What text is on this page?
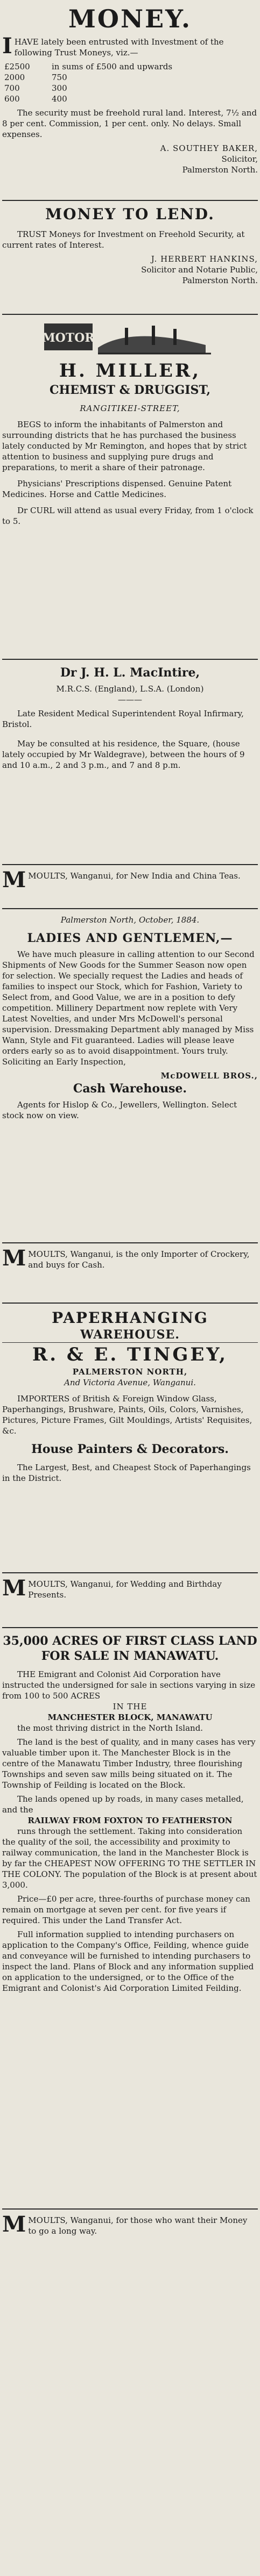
MONEY.

IHAVE lately been entrusted with Investment of the following Trust Moneys, viz.—

£2500	in sums of £500 and upwards
2000	750
700	300
600	400

The security must be freehold rural land. Interest, 7½ and 8 per cent. Commission, 1 per cent. only. No delays. Small expenses.

A. SOUTHEY BAKER,

Solicitor,

Palmerston North.

MONEY TO LEND.

TRUST Moneys for Investment on Freehold Security, at current rates of Interest.

J. HERBERT HANKINS,

Solicitor and Notarie Public,

Palmerston North.

MOTOR

H. MILLER,

CHEMIST & DRUGGIST,

RANGITIKEI-STREET,

BEGS to inform the inhabitants of Palmerston and surrounding districts that he has purchased the business lately conducted by Mr Remington, and hopes that by strict attention to business and supplying pure drugs and preparations, to merit a share of their patronage.

Physicians' Prescriptions dispensed. Genuine Patent Medicines. Horse and Cattle Medicines.

Dr CURL will attend as usual every Friday, from 1 o'clock to 5.

Dr J. H. L. MacIntire,

M.R.C.S. (England), L.S.A. (London)

———

Late Resident Medical Superintendent Royal Infirmary, Bristol.

May be consulted at his residence, the Square, (house lately occupied by Mr Waldegrave), between the hours of 9 and 10 a.m., 2 and 3 p.m., and 7 and 8 p.m.

MMOULTS, Wanganui, for New India and China Teas.

Palmerston North, October, 1884.

LADIES AND GENTLEMEN,—

We have much pleasure in calling attention to our Second Shipments of New Goods for the Summer Season now open for selection. We specially request the Ladies and heads of families to inspect our Stock, which for Fashion, Variety to Select from, and Good Value, we are in a position to defy competition. Millinery Department now replete with Very Latest Novelties, and under Mrs McDowell's personal supervision. Dressmaking Department ably managed by Miss Wann, Style and Fit guaranteed. Ladies will please leave orders early so as to avoid disappointment. Yours truly. Soliciting an Early Inspection,

McDOWELL BROS.,

Cash Warehouse.

Agents for Hislop & Co., Jewellers, Wellington. Select stock now on view.

MMOULTS, Wanganui, is the only Importer of Crockery, and buys for Cash.

PAPERHANGING

WAREHOUSE.

R. & E. TINGEY,

PALMERSTON NORTH,

And Victoria Avenue, Wanganui.

IMPORTERS of British & Foreign Window Glass, Paperhangings, Brushware, Paints, Oils, Colors, Varnishes, Pictures, Picture Frames, Gilt Mouldings, Artists' Requisites, &c.

House Painters & Decorators.

The Largest, Best, and Cheapest Stock of Paperhangings in the District.

MMOULTS, Wanganui, for Wedding and Birthday Presents.

35,000 ACRES OF FIRST CLASS LAND FOR SALE IN MANAWATU.

THE Emigrant and Colonist Aid Corporation have instructed the undersigned for sale in sections varying in size from 100 to 500 ACRES

IN THE

MANCHESTER BLOCK, MANAWATU

the most thriving district in the North Island.

The land is the best of quality, and in many cases has very valuable timber upon it. The Manchester Block is in the centre of the Manawatu Timber Industry, three flourishing Townships and seven saw mills being situated on it. The Township of Feilding is located on the Block.

The lands opened up by roads, in many cases metalled, and the

RAILWAY FROM FOXTON TO FEATHERSTON

runs through the settlement. Taking into consideration the quality of the soil, the accessibility and proximity to railway communication, the land in the Manchester Block is by far the CHEAPEST NOW OFFERING TO THE SETTLER IN THE COLONY. The population of the Block is at present about 3,000.

Price—£0 per acre, three-fourths of purchase money can remain on mortgage at seven per cent. for five years if required. This under the Land Transfer Act.

Full information supplied to intending purchasers on application to the Company's Office, Feilding, whence guide and conveyance will be furnished to intending purchasers to inspect the land. Plans of Block and any information supplied on application to the undersigned, or to the Office of the Emigrant and Colonist's Aid Corporation Limited Feilding.

MMOULTS, Wanganui, for those who want their Money to go a long way.
